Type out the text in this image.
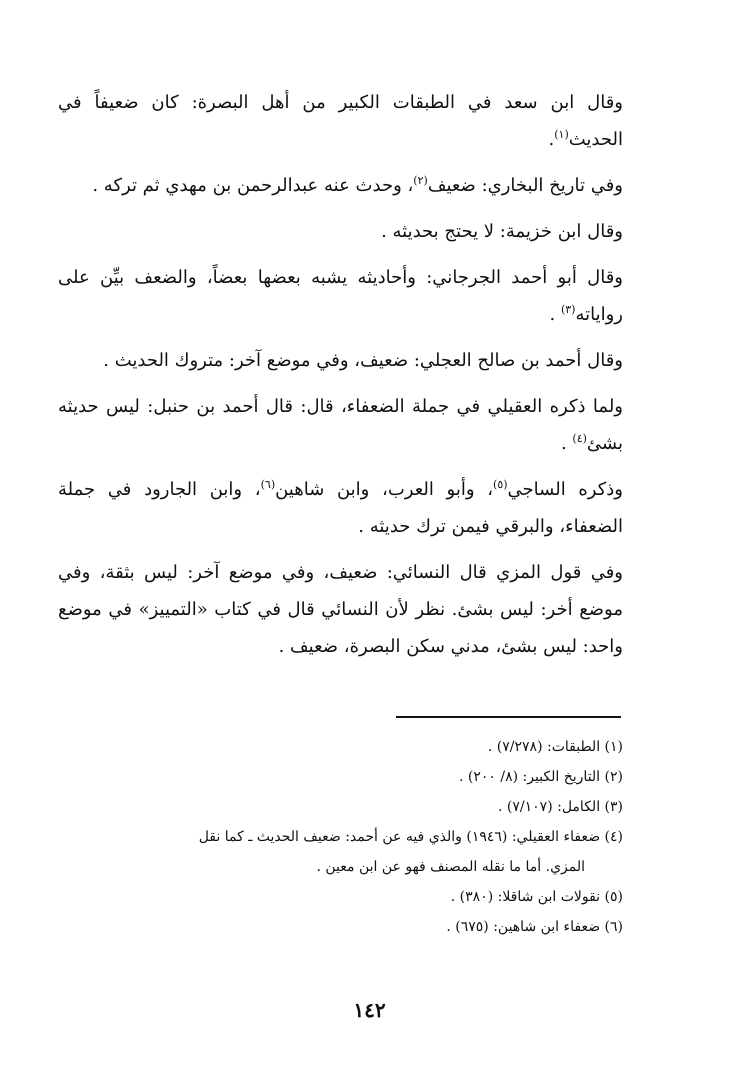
وقال ابن سعد في الطبقات الكبير من أهل البصرة: كان ضعيفاً في الحديث$^{(١)}$.

وفي تاريخ البخاري: ضعيف$^{(٢)}$، وحدث عنه عبدالرحمن بن مهدي ثم تركه .

وقال ابن خزيمة: لا يحتج بحديثه .

وقال أبو أحمد الجرجاني: وأحاديثه يشبه بعضها بعضاً، والضعف بيِّن على رواياته$^{(٣)}$ .

وقال أحمد بن صالح العجلي: ضعيف، وفي موضع آخر: متروك الحديث .

ولما ذكره العقيلي في جملة الضعفاء، قال: قال أحمد بن حنبل: ليس حديثه بشئ$^{(٤)}$ .

وذكره الساجي$^{(٥)}$، وأبو العرب، وابن شاهين$^{(٦)}$، وابن الجارود في جملة الضعفاء، والبرقي فيمن ترك حديثه .

وفي قول المزي قال النسائي: ضعيف، وفي موضع آخر: ليس بثقة، وفي موضع أخر: ليس بشئ. نظر لأن النسائي قال في كتاب «التمييز» في موضع واحد: ليس بشئ، مدني سكن البصرة، ضعيف .

(١) الطبقات: (٧/٢٧٨) .

(٢) التاريخ الكبير: (٨/ ٢٠٠) .

(٣) الكامل: (٧/١٠٧) .

(٤) ضعفاء العقيلي: (١٩٤٦) والذي فيه عن أحمد: ضعيف الحديث ـ كما نقل

المزي. أما ما نقله المصنف فهو عن ابن معين .

(٥) نقولات ابن شاقلا: (٣٨٠) .

(٦) ضعفاء ابن شاهين: (٦٧٥) .

١٤٢
